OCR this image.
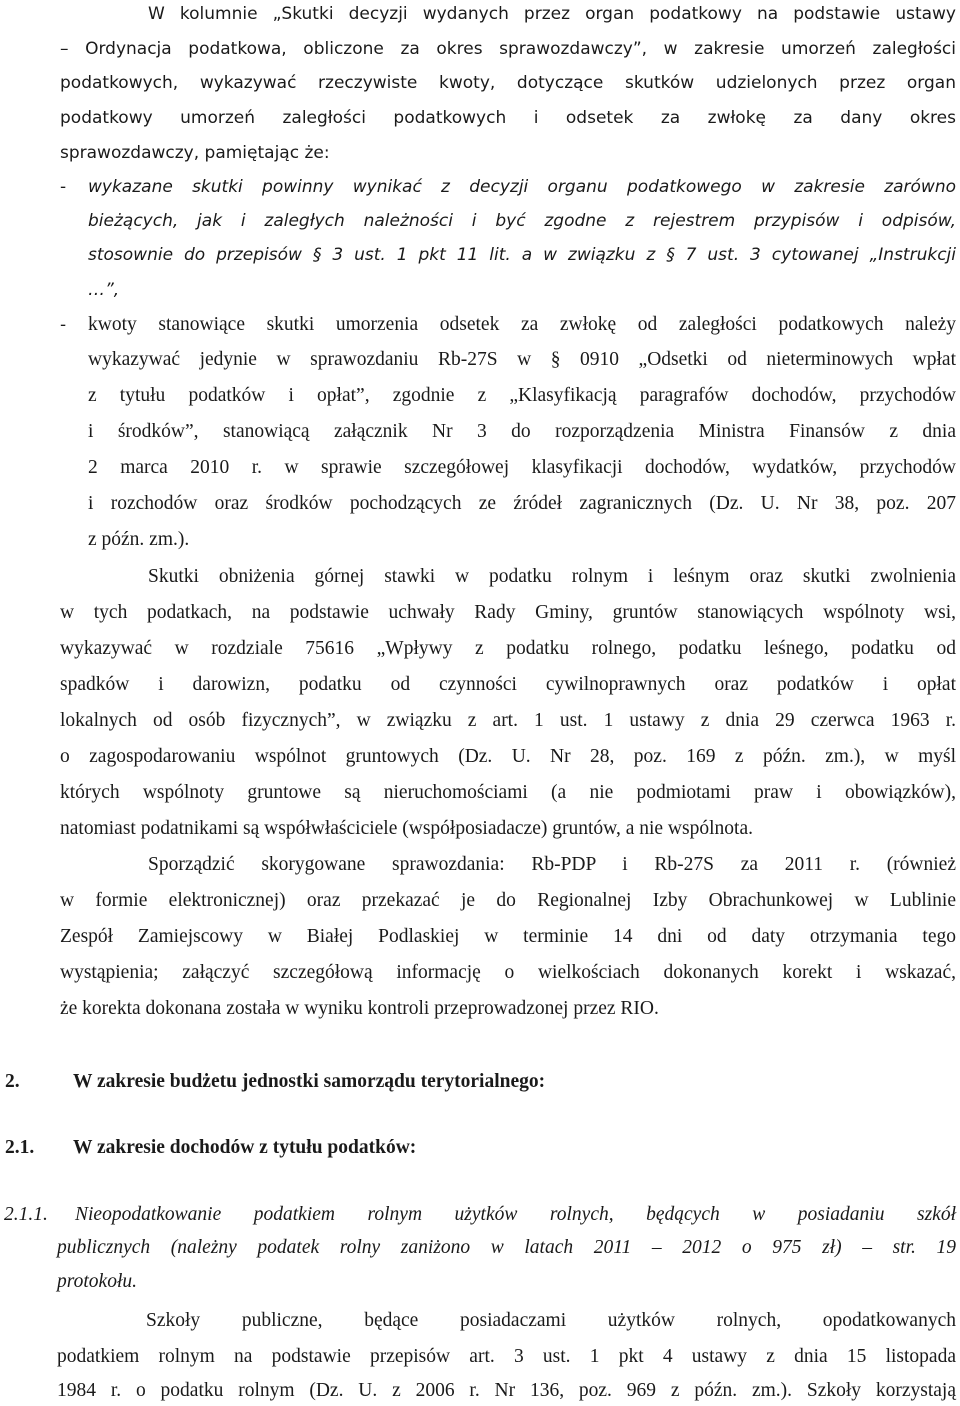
W kolumnie „Skutki decyzji wydanych przez organ podatkowy na podstawie ustawy
– Ordynacja podatkowa, obliczone za okres sprawozdawczy”, w zakresie umorzeń zaległości
podatkowych, wykazywać rzeczywiste kwoty, dotyczące skutków udzielonych przez organ
podatkowy umorzeń zaległości podatkowych i odsetek za zwłokę za dany okres
sprawozdawczy, pamiętając że:
- wykazane skutki powinny wynikać z decyzji organu podatkowego w zakresie zarówno
bieżących, jak i zaległych należności i być zgodne z rejestrem przypisów i odpisów,
stosownie do przepisów § 3 ust. 1 pkt 11 lit. a w związku z § 7 ust. 3 cytowanej „Instrukcji
…”,
- kwoty stanowiące skutki umorzenia odsetek za zwłokę od zaległości podatkowych należy
wykazywać jedynie w sprawozdaniu Rb-27S w § 0910 „Odsetki od nieterminowych wpłat
z tytułu podatków i opłat”, zgodnie z „Klasyfikacją paragrafów dochodów, przychodów
i środków”, stanowiącą załącznik Nr 3 do rozporządzenia Ministra Finansów z dnia
2 marca 2010 r. w sprawie szczegółowej klasyfikacji dochodów, wydatków, przychodów
i rozchodów oraz środków pochodzących ze źródeł zagranicznych (Dz. U. Nr 38, poz. 207
z późn. zm.).
Skutki obniżenia górnej stawki w podatku rolnym i leśnym oraz skutki zwolnienia
w tych podatkach, na podstawie uchwały Rady Gminy, gruntów stanowiących wspólnoty wsi,
wykazywać w rozdziale 75616 „Wpływy z podatku rolnego, podatku leśnego, podatku od
spadków i darowizn, podatku od czynności cywilnoprawnych oraz podatków i opłat
lokalnych od osób fizycznych”, w związku z art. 1 ust. 1 ustawy z dnia 29 czerwca 1963 r.
o zagospodarowaniu wspólnot gruntowych (Dz. U. Nr 28, poz. 169 z późn. zm.), w myśl
których wspólnoty gruntowe są nieruchomościami (a nie podmiotami praw i obowiązków),
natomiast podatnikami są współwłaściciele (współposiadacze) gruntów, a nie wspólnota.
Sporządzić skorygowane sprawozdania: Rb-PDP i Rb-27S za 2011 r. (również
w formie elektronicznej) oraz przekazać je do Regionalnej Izby Obrachunkowej w Lublinie
Zespół Zamiejscowy w Białej Podlaskiej w terminie 14 dni od daty otrzymania tego
wystąpienia; załączyć szczegółową informację o wielkościach dokonanych korekt i wskazać,
że korekta dokonana została w wyniku kontroli przeprowadzonej przez RIO.
2.	W zakresie budżetu jednostki samorządu terytorialnego:
2.1. W zakresie dochodów z tytułu podatków:
2.1.1. Nieopodatkowanie podatkiem rolnym użytków rolnych, będących w posiadaniu szkół
publicznych (należny podatek rolny zaniżono w latach 2011 – 2012 o 975 zł) – str. 19
protokołu.
Szkoły publiczne, będące posiadaczami użytków rolnych, opodatkowanych
podatkiem rolnym na podstawie przepisów art. 3 ust. 1 pkt 4 ustawy z dnia 15 listopada
1984 r. o podatku rolnym (Dz. U. z 2006 r. Nr 136, poz. 969 z późn. zm.). Szkoły korzystają
